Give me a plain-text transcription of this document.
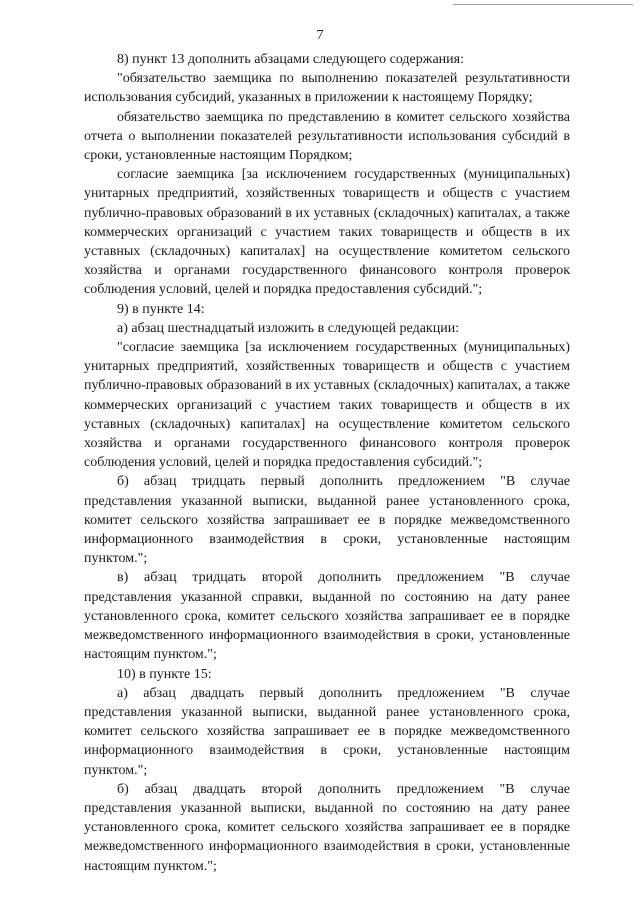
7

8) пункт 13 дополнить абзацами следующего содержания:

"обязательство заемщика по выполнению показателей результативности использования субсидий, указанных в приложении к настоящему Порядку;

обязательство заемщика по представлению в комитет сельского хозяйства отчета о выполнении показателей результативности использования субсидий в сроки, установленные настоящим Порядком;

согласие заемщика [за исключением государственных (муниципальных) унитарных предприятий, хозяйственных товариществ и обществ с участием публично-правовых образований в их уставных (складочных) капиталах, а также коммерческих организаций с участием таких товариществ и обществ в их уставных (складочных) капиталах] на осуществление комитетом сельского хозяйства и органами государственного финансового контроля проверок соблюдения условий, целей и порядка предоставления субсидий.";

9) в пункте 14:

а) абзац шестнадцатый изложить в следующей редакции:

"согласие заемщика [за исключением государственных (муниципальных) унитарных предприятий, хозяйственных товариществ и обществ с участием публично-правовых образований в их уставных (складочных) капиталах, а также коммерческих организаций с участием таких товариществ и обществ в их уставных (складочных) капиталах] на осуществление комитетом сельского хозяйства и органами государственного финансового контроля проверок соблюдения условий, целей и порядка предоставления субсидий.";

б) абзац тридцать первый дополнить предложением "В случае представления указанной выписки, выданной ранее установленного срока, комитет сельского хозяйства запрашивает ее в порядке межведомственного информационного взаимодействия в сроки, установленные настоящим пунктом.";

в) абзац тридцать второй дополнить предложением "В случае представления указанной справки, выданной по состоянию на дату ранее установленного срока, комитет сельского хозяйства запрашивает ее в порядке межведомственного информационного взаимодействия в сроки, установленные настоящим пунктом.";

10) в пункте 15:

а) абзац двадцать первый дополнить предложением "В случае представления указанной выписки, выданной ранее установленного срока, комитет сельского хозяйства запрашивает ее в порядке межведомственного информационного взаимодействия в сроки, установленные настоящим пунктом.";

б) абзац двадцать второй дополнить предложением "В случае представления указанной выписки, выданной по состоянию на дату ранее установленного срока, комитет сельского хозяйства запрашивает ее в порядке межведомственного информационного взаимодействия в сроки, установленные настоящим пунктом.";
